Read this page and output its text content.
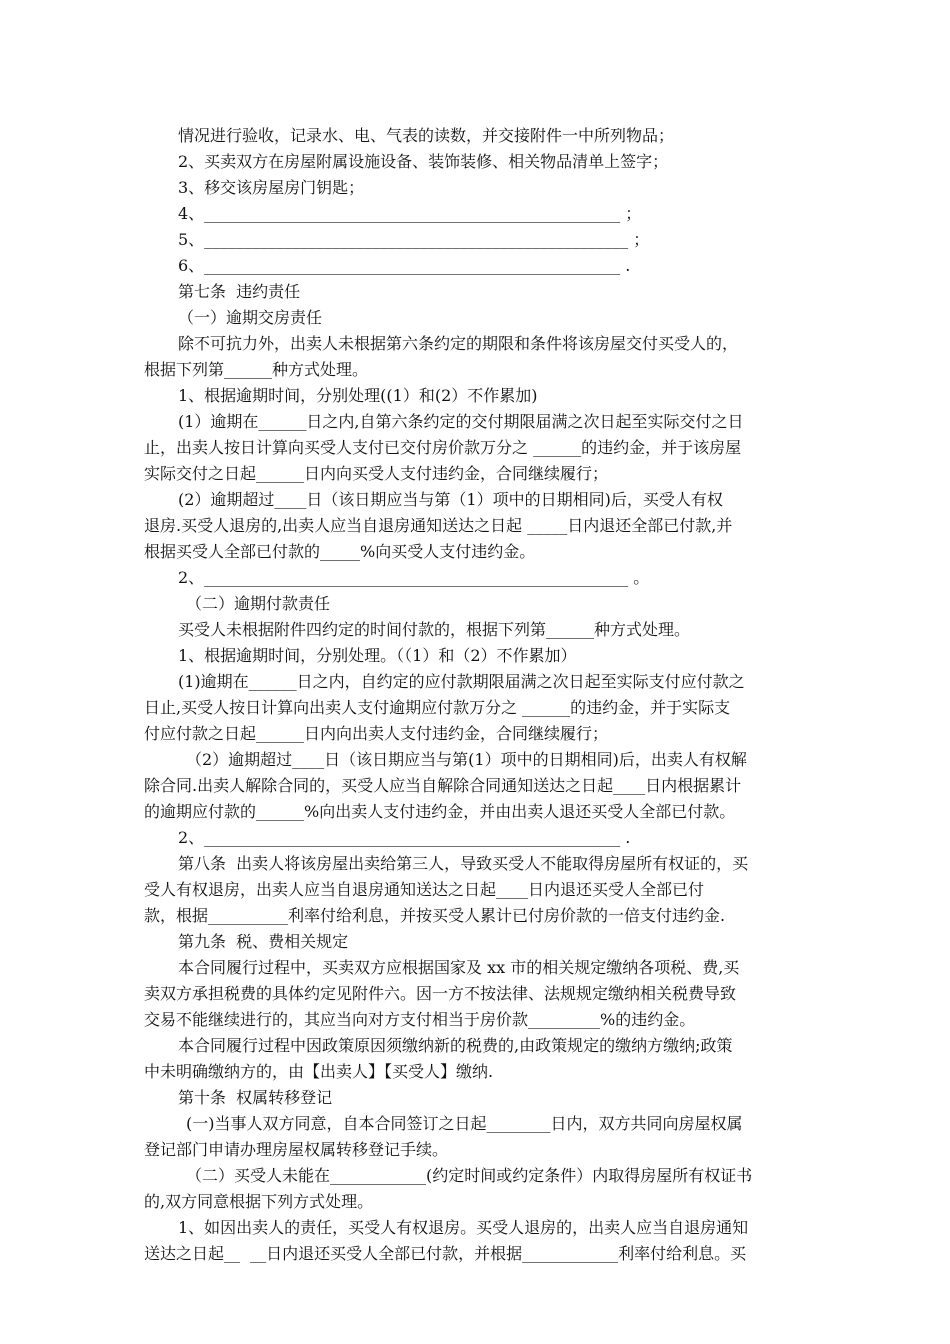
情况进行验收，记录水、电、气表的读数，并交接附件一中所列物品；
2、买卖双方在房屋附属设施设备、装饰装修、相关物品清单上签字；
3、移交该房屋房门钥匙；
4、____________________________________________________ ；
5、_____________________________________________________ ；
6、____________________________________________________ .
第七条  违约责任
（一）逾期交房责任
除不可抗力外，出卖人未根据第六条约定的期限和条件将该房屋交付买受人的，
根据下列第______种方式处理。
1、根据逾期时间，分别处理((1）和(2）不作累加)
(1）逾期在______日之内,自第六条约定的交付期限届满之次日起至实际交付之日
止，出卖人按日计算向买受人支付已交付房价款万分之 ______的违约金，并于该房屋
实际交付之日起______日内向买受人支付违约金，合同继续履行；
(2）逾期超过____日（该日期应当与第（1）项中的日期相同)后，买受人有权
退房.买受人退房的,出卖人应当自退房通知送达之日起 _____日内退还全部已付款,并
根据买受人全部已付款的_____%向买受人支付违约金。
2、_____________________________________________________ 。
（二）逾期付款责任
买受人未根据附件四约定的时间付款的，根据下列第______种方式处理。
1、根据逾期时间，分别处理。（（1）和（2）不作累加）
(1)逾期在______日之内，自约定的应付款期限届满之次日起至实际支付应付款之
日止,买受人按日计算向出卖人支付逾期应付款万分之 ______的违约金，并于实际支
付应付款之日起______日内向出卖人支付违约金，合同继续履行；
（2）逾期超过____日（该日期应当与第(1）项中的日期相同)后，出卖人有权解
除合同.出卖人解除合同的，买受人应当自解除合同通知送达之日起____日内根据累计
的逾期应付款的______%向出卖人支付违约金，并由出卖人退还买受人全部已付款。
2、____________________________________________________ .
第八条  出卖人将该房屋出卖给第三人，导致买受人不能取得房屋所有权证的，买
受人有权退房，出卖人应当自退房通知送达之日起____日内退还买受人全部已付
款，根据__________利率付给利息，并按买受人累计已付房价款的一倍支付违约金.
第九条  税、费相关规定
本合同履行过程中，买卖双方应根据国家及 xx 市的相关规定缴纳各项税、费,买
卖双方承担税费的具体约定见附件六。因一方不按法律、法规规定缴纳相关税费导致
交易不能继续进行的，其应当向对方支付相当于房价款_________%的违约金。
本合同履行过程中因政策原因须缴纳新的税费的,由政策规定的缴纳方缴纳;政策
中未明确缴纳方的，由【出卖人】【买受人】缴纳.
第十条  权属转移登记
(一)当事人双方同意，自本合同签订之日起________日内，双方共同向房屋权属
登记部门申请办理房屋权属转移登记手续。
（二）买受人未能在____________(约定时间或约定条件）内取得房屋所有权证书
的,双方同意根据下列方式处理。
1、如因出卖人的责任，买受人有权退房。买受人退房的，出卖人应当自退房通知
送达之日起__  __日内退还买受人全部已付款，并根据____________利率付给利息。买
